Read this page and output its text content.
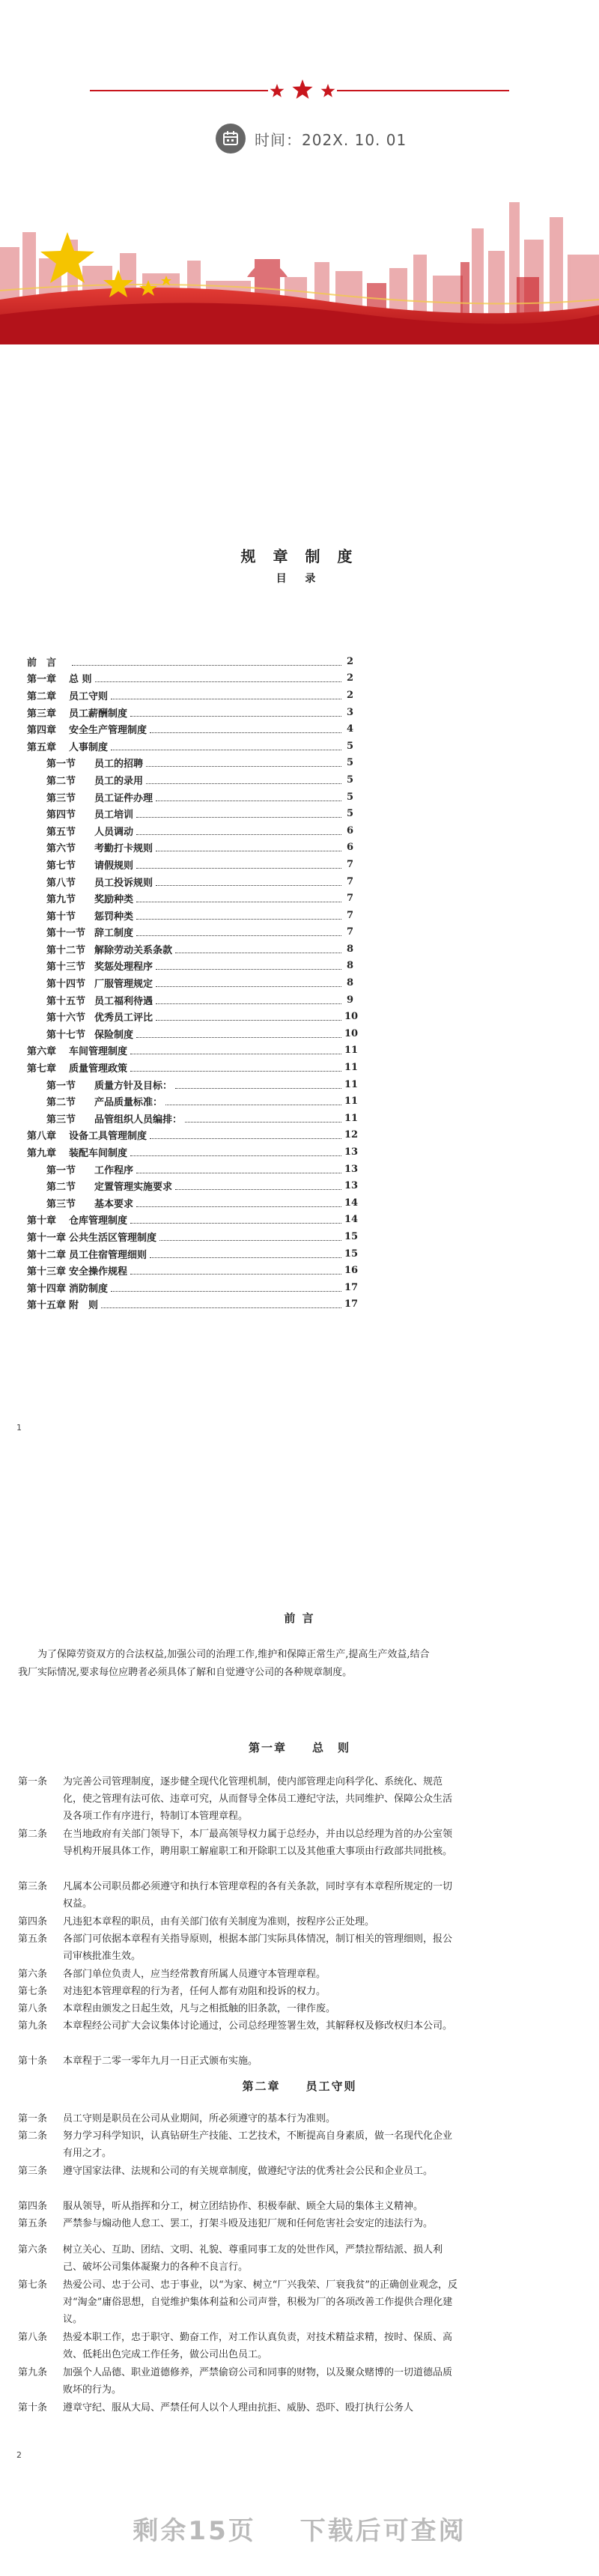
时间：202X. 10. 01
规 章 制 度
目 录
前　言	2
第一章	总 则	2
第二章	员工守则	2
第三章	员工薪酬制度	3
第四章	安全生产管理制度	4
第五章	人事制度	5
第一节	员工的招聘	5
第二节	员工的录用	5
第三节	员工证件办理	5
第四节	员工培训	5
第五节	人员调动	6
第六节	考勤打卡规则	6
第七节	请假规则	7
第八节	员工投诉规则	7
第九节	奖励种类	7
第十节	惩罚种类	7
第十一节 辞工制度	7
第十二节 解除劳动关系条款	8
第十三节 奖惩处理程序	8
第十四节 厂服管理规定	8
第十五节 员工福利待遇	9
第十六节 优秀员工评比	10
第十七节 保险制度	10
第六章	车间管理制度	11
第七章	质量管理政策	11
第一节	质量方针及目标：	11
第二节	产品质量标准：	11
第三节	品管组织人员编排：	11
第八章	设备工具管理制度	12
第九章	装配车间制度	13
第一节	工作程序	13
第二节	定置管理实施要求	13
第三节	基本要求	14
第十章	仓库管理制度	14
第十一章 公共生活区管理制度	15
第十二章 员工住宿管理细则	15
第十三章 安全操作规程	16
第十四章 消防制度	17
第十五章 附　则	17
1
前 言
为了保障劳资双方的合法权益,加强公司的治理工作,维护和保障正常生产,提高生产效益,结合我厂实际情况,要求每位应聘者必须具体了解和自觉遵守公司的各种规章制度。
第一章　　总　则
第一条	为完善公司管理制度，逐步健全现代化管理机制，使内部管理走向科学化、系统化、规范化，使之管理有法可依、违章可究，从而督导全体员工遵纪守法，共同维护、保障公众生活及各项工作有序进行，特制订本管理章程。
第二条	在当地政府有关部门领导下，本厂最高领导权力属于总经办，并由以总经理为首的办公室领导机构开展具体工作，聘用职工解雇职工和开除职工以及其他重大事项由行政部共同批核。
第三条	凡属本公司职员都必须遵守和执行本管理章程的各有关条款，同时享有本章程所规定的一切权益。
第四条	凡违犯本章程的职员，由有关部门依有关制度为准则，按程序公正处理。
第五条	各部门可依据本章程有关指导原则，根据本部门实际具体情况，制订相关的管理细则，报公司审核批准生效。
第六条	各部门单位负责人，应当经常教育所属人员遵守本管理章程。
第七条	对违犯本管理章程的行为者，任何人都有劝阻和投诉的权力。
第八条	本章程由颁发之日起生效，凡与之相抵触的旧条款，一律作废。
第九条	本章程经公司扩大会议集体讨论通过，公司总经理签署生效，其解释权及修改权归本公司。
第十条	本章程于二零一零年九月一日正式颁布实施。
第二章　　员工守则
第一条	员工守则是职员在公司从业期间，所必须遵守的基本行为准则。
第二条	努力学习科学知识，认真钻研生产技能、工艺技术，不断提高自身素质，做一名现代化企业有用之才。
第三条	遵守国家法律、法规和公司的有关规章制度，做遵纪守法的优秀社会公民和企业员工。
第四条	服从领导，听从指挥和分工，树立团结协作、积极奉献、顾全大局的集体主义精神。
第五条	严禁参与煽动他人怠工、罢工，打架斗殴及违犯厂规和任何危害社会安定的违法行为。
第六条	树立关心、互助、团结、文明、礼貌、尊重同事工友的处世作风，严禁拉帮结派、损人利己、破坏公司集体凝聚力的各种不良言行。
第七条	热爱公司、忠于公司、忠于事业，以“为家、树立“厂兴我荣、厂衰我贫”的正确创业观念，反对“淘金”庸俗思想，自觉维护集体利益和公司声誉，积极为厂的各项改善工作提供合理化建议。
第八条	热爱本职工作，忠于职守、勤奋工作，对工作认真负责，对技术精益求精，按时、保质、高效、低耗出色完成工作任务，做公司出色员工。
第九条	加强个人品德、职业道德修养，严禁偷窃公司和同事的财物，以及聚众赌博的一切道德品质败坏的行为。
第十条	遵章守纪、服从大局、严禁任何人以个人理由抗拒、威胁、恐吓、殴打执行公务人
2
剩余15页 下载后可查阅
